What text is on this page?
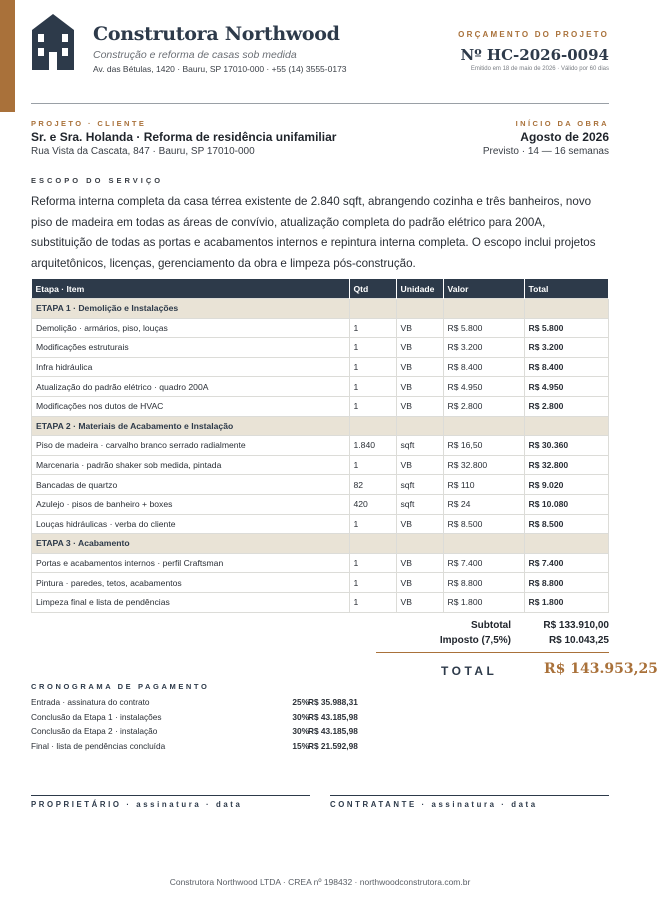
Construtora Northwood
Construção e reforma de casas sob medida
Av. das Bétulas, 1420 · Bauru, SP 17010-000 · +55 (14) 3555-0173
ORÇAMENTO DO PROJETO
Nº HC-2026-0094
Emitido em 18 de maio de 2026 · Válido por 60 dias
PROJETO · CLIENTE
Sr. e Sra. Holanda · Reforma de residência unifamiliar
Rua Vista da Cascata, 847 · Bauru, SP 17010-000
INÍCIO DA OBRA
Agosto de 2026
Previsto · 14 — 16 semanas
ESCOPO DO SERVIÇO
Reforma interna completa da casa térrea existente de 2.840 sqft, abrangendo cozinha e três banheiros, novo piso de madeira em todas as áreas de convívio, atualização completa do padrão elétrico para 200A, substituição de todas as portas e acabamentos internos e repintura interna completa. O escopo inclui projetos arquitetônicos, licenças, gerenciamento da obra e limpeza pós-construção.
Etapa · Item	Qtd	Unidade	Valor	Total
ETAPA 1 · Demolição e Instalações				
Demolição · armários, piso, louças	1	VB	R$ 5.800	R$ 5.800
Modificações estruturais	1	VB	R$ 3.200	R$ 3.200
Infra hidráulica	1	VB	R$ 8.400	R$ 8.400
Atualização do padrão elétrico · quadro 200A	1	VB	R$ 4.950	R$ 4.950
Modificações nos dutos de HVAC	1	VB	R$ 2.800	R$ 2.800
ETAPA 2 · Materiais de Acabamento e Instalação				
Piso de madeira · carvalho branco serrado radialmente	1.840	sqft	R$ 16,50	R$ 30.360
Marcenaria · padrão shaker sob medida, pintada	1	VB	R$ 32.800	R$ 32.800
Bancadas de quartzo	82	sqft	R$ 110	R$ 9.020
Azulejo · pisos de banheiro + boxes	420	sqft	R$ 24	R$ 10.080
Louças hidráulicas · verba do cliente	1	VB	R$ 8.500	R$ 8.500
ETAPA 3 · Acabamento				
Portas e acabamentos internos · perfil Craftsman	1	VB	R$ 7.400	R$ 7.400
Pintura · paredes, tetos, acabamentos	1	VB	R$ 8.800	R$ 8.800
Limpeza final e lista de pendências	1	VB	R$ 1.800	R$ 1.800
Subtotal	R$ 133.910,00
Imposto (7,5%)	R$ 10.043,25
TOTAL	R$ 143.953,25
CRONOGRAMA DE PAGAMENTO
Entrada · assinatura do contrato	25% R$ 35.988,31
Conclusão da Etapa 1 · instalações	30% R$ 43.185,98
Conclusão da Etapa 2 · instalação	30% R$ 43.185,98
Final · lista de pendências concluída	15% R$ 21.592,98
PROPRIETÁRIO · assinatura · data	CONTRATANTE · assinatura · data
Construtora Northwood LTDA · CREA nº 198432 · northwoodconstrutora.com.br
